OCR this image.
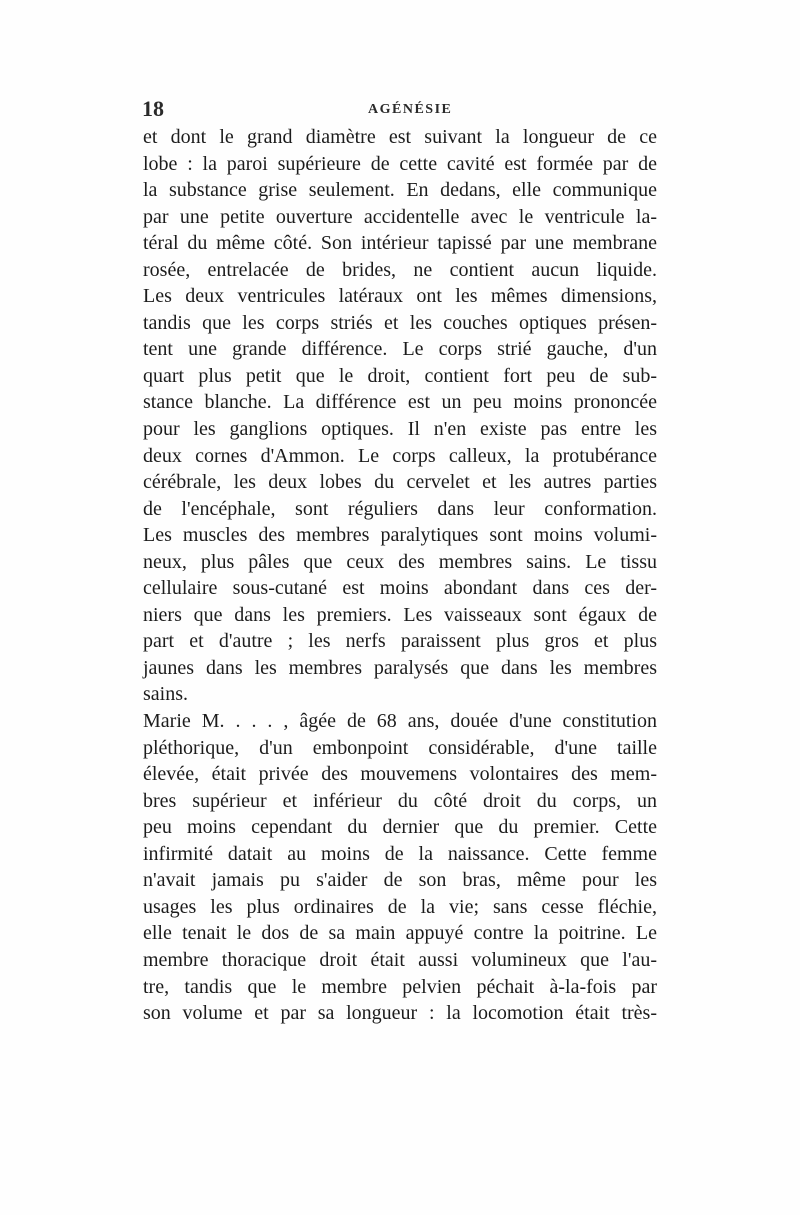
18	AGÉNÉSIE
et dont le grand diamètre est suivant la longueur de ce
lobe : la paroi supérieure de cette cavité est formée par de
la substance grise seulement. En dedans, elle communique
par une petite ouverture accidentelle avec le ventricule la-
téral du même côté. Son intérieur tapissé par une membrane
rosée, entrelacée de brides, ne contient aucun liquide.
Les deux ventricules latéraux ont les mêmes dimensions,
tandis que les corps striés et les couches optiques présen-
tent une grande différence. Le corps strié gauche, d'un
quart plus petit que le droit, contient fort peu de sub-
stance blanche. La différence est un peu moins prononcée
pour les ganglions optiques. Il n'en existe pas entre les
deux cornes d'Ammon. Le corps calleux, la protubérance
cérébrale, les deux lobes du cervelet et les autres parties
de l'encéphale, sont réguliers dans leur conformation.
Les muscles des membres paralytiques sont moins volumi-
neux, plus pâles que ceux des membres sains. Le tissu
cellulaire sous-cutané est moins abondant dans ces der-
niers que dans les premiers. Les vaisseaux sont égaux de
part et d'autre ; les nerfs paraissent plus gros et plus
jaunes dans les membres paralysés que dans les membres
sains.
Marie M. . . . , âgée de 68 ans, douée d'une constitution
pléthorique, d'un embonpoint considérable, d'une taille
élevée, était privée des mouvemens volontaires des mem-
bres supérieur et inférieur du côté droit du corps, un
peu moins cependant du dernier que du premier. Cette
infirmité datait au moins de la naissance. Cette femme
n'avait jamais pu s'aider de son bras, même pour les
usages les plus ordinaires de la vie; sans cesse fléchie,
elle tenait le dos de sa main appuyé contre la poitrine. Le
membre thoracique droit était aussi volumineux que l'au-
tre, tandis que le membre pelvien péchait à-la-fois par
son volume et par sa longueur : la locomotion était très-
